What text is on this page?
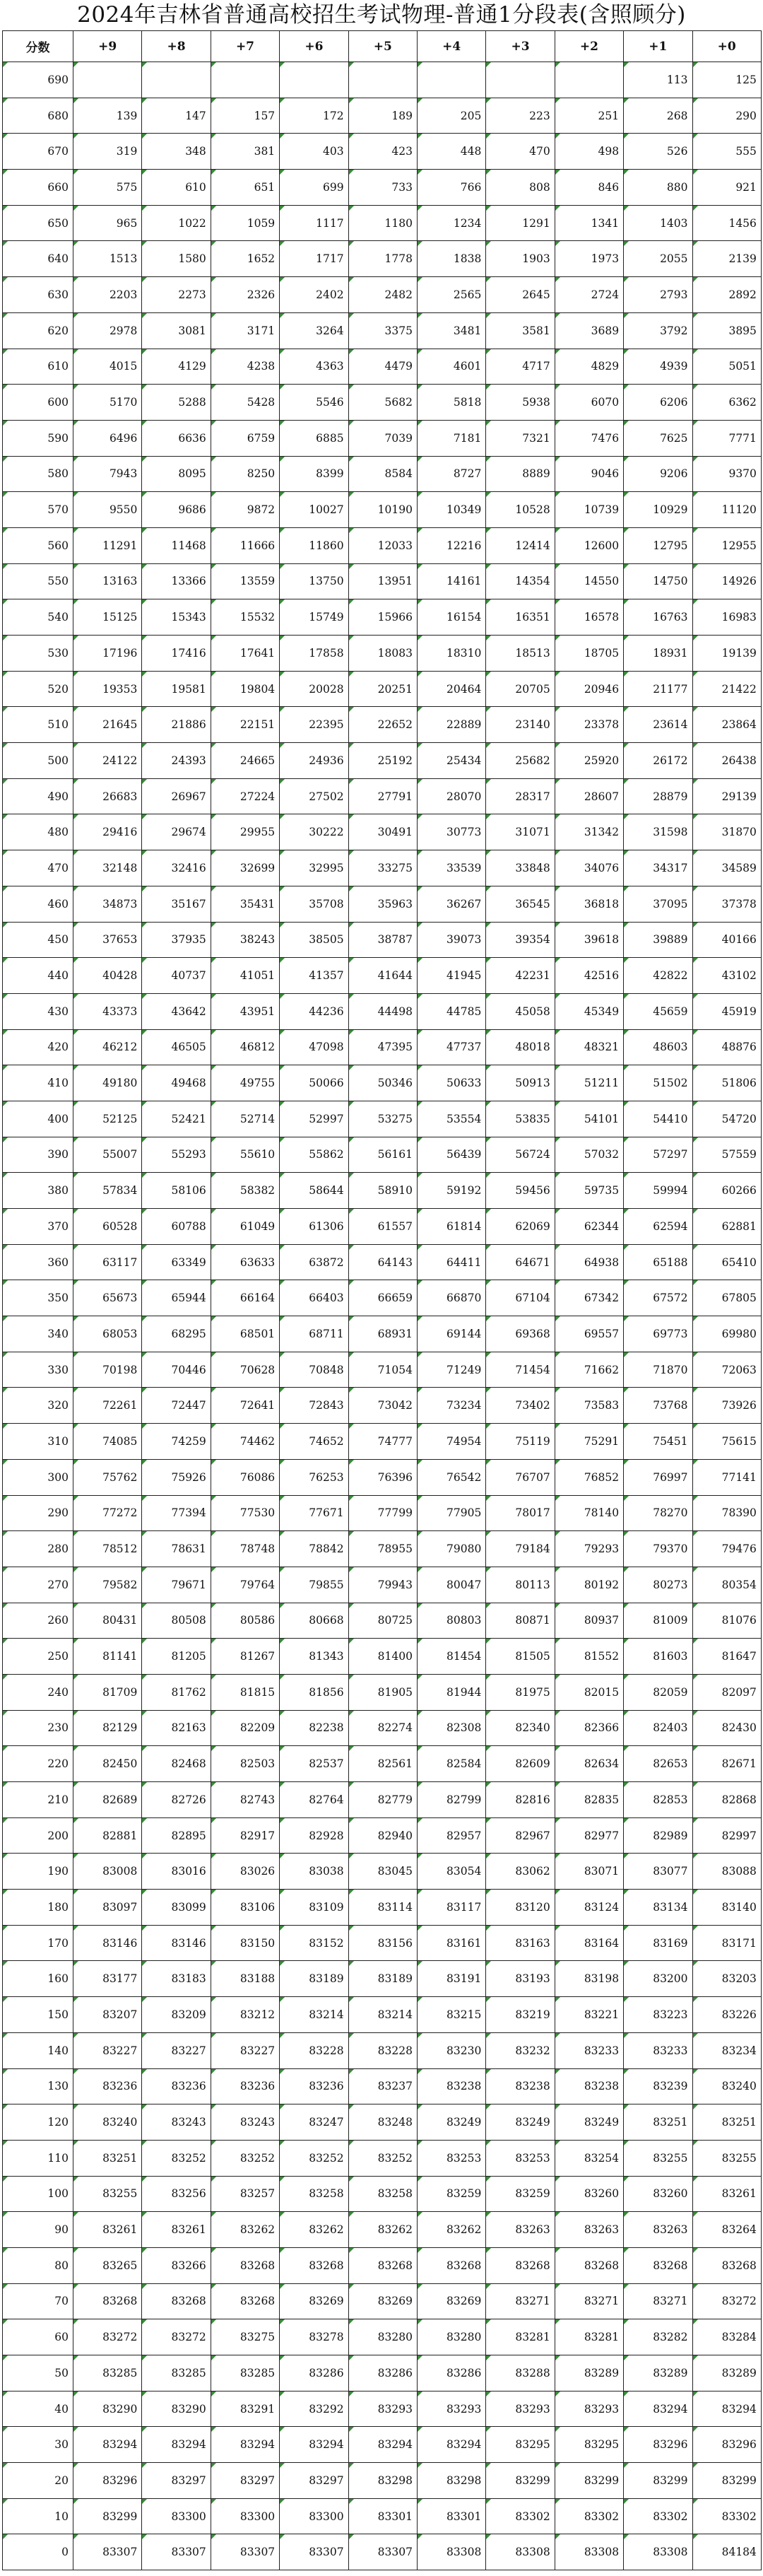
2024年吉林省普通高校招生考试物理-普通1分段表(含照顾分)
分数	+9	+8	+7	+6	+5	+4	+3	+2	+1	+0
690									113	125
680	139	147	157	172	189	205	223	251	268	290
670	319	348	381	403	423	448	470	498	526	555
660	575	610	651	699	733	766	808	846	880	921
650	965	1022	1059	1117	1180	1234	1291	1341	1403	1456
640	1513	1580	1652	1717	1778	1838	1903	1973	2055	2139
630	2203	2273	2326	2402	2482	2565	2645	2724	2793	2892
620	2978	3081	3171	3264	3375	3481	3581	3689	3792	3895
610	4015	4129	4238	4363	4479	4601	4717	4829	4939	5051
600	5170	5288	5428	5546	5682	5818	5938	6070	6206	6362
590	6496	6636	6759	6885	7039	7181	7321	7476	7625	7771
580	7943	8095	8250	8399	8584	8727	8889	9046	9206	9370
570	9550	9686	9872	10027	10190	10349	10528	10739	10929	11120
560	11291	11468	11666	11860	12033	12216	12414	12600	12795	12955
550	13163	13366	13559	13750	13951	14161	14354	14550	14750	14926
540	15125	15343	15532	15749	15966	16154	16351	16578	16763	16983
530	17196	17416	17641	17858	18083	18310	18513	18705	18931	19139
520	19353	19581	19804	20028	20251	20464	20705	20946	21177	21422
510	21645	21886	22151	22395	22652	22889	23140	23378	23614	23864
500	24122	24393	24665	24936	25192	25434	25682	25920	26172	26438
490	26683	26967	27224	27502	27791	28070	28317	28607	28879	29139
480	29416	29674	29955	30222	30491	30773	31071	31342	31598	31870
470	32148	32416	32699	32995	33275	33539	33848	34076	34317	34589
460	34873	35167	35431	35708	35963	36267	36545	36818	37095	37378
450	37653	37935	38243	38505	38787	39073	39354	39618	39889	40166
440	40428	40737	41051	41357	41644	41945	42231	42516	42822	43102
430	43373	43642	43951	44236	44498	44785	45058	45349	45659	45919
420	46212	46505	46812	47098	47395	47737	48018	48321	48603	48876
410	49180	49468	49755	50066	50346	50633	50913	51211	51502	51806
400	52125	52421	52714	52997	53275	53554	53835	54101	54410	54720
390	55007	55293	55610	55862	56161	56439	56724	57032	57297	57559
380	57834	58106	58382	58644	58910	59192	59456	59735	59994	60266
370	60528	60788	61049	61306	61557	61814	62069	62344	62594	62881
360	63117	63349	63633	63872	64143	64411	64671	64938	65188	65410
350	65673	65944	66164	66403	66659	66870	67104	67342	67572	67805
340	68053	68295	68501	68711	68931	69144	69368	69557	69773	69980
330	70198	70446	70628	70848	71054	71249	71454	71662	71870	72063
320	72261	72447	72641	72843	73042	73234	73402	73583	73768	73926
310	74085	74259	74462	74652	74777	74954	75119	75291	75451	75615
300	75762	75926	76086	76253	76396	76542	76707	76852	76997	77141
290	77272	77394	77530	77671	77799	77905	78017	78140	78270	78390
280	78512	78631	78748	78842	78955	79080	79184	79293	79370	79476
270	79582	79671	79764	79855	79943	80047	80113	80192	80273	80354
260	80431	80508	80586	80668	80725	80803	80871	80937	81009	81076
250	81141	81205	81267	81343	81400	81454	81505	81552	81603	81647
240	81709	81762	81815	81856	81905	81944	81975	82015	82059	82097
230	82129	82163	82209	82238	82274	82308	82340	82366	82403	82430
220	82450	82468	82503	82537	82561	82584	82609	82634	82653	82671
210	82689	82726	82743	82764	82779	82799	82816	82835	82853	82868
200	82881	82895	82917	82928	82940	82957	82967	82977	82989	82997
190	83008	83016	83026	83038	83045	83054	83062	83071	83077	83088
180	83097	83099	83106	83109	83114	83117	83120	83124	83134	83140
170	83146	83146	83150	83152	83156	83161	83163	83164	83169	83171
160	83177	83183	83188	83189	83189	83191	83193	83198	83200	83203
150	83207	83209	83212	83214	83214	83215	83219	83221	83223	83226
140	83227	83227	83227	83228	83228	83230	83232	83233	83233	83234
130	83236	83236	83236	83236	83237	83238	83238	83238	83239	83240
120	83240	83243	83243	83247	83248	83249	83249	83249	83251	83251
110	83251	83252	83252	83252	83252	83253	83253	83254	83255	83255
100	83255	83256	83257	83258	83258	83259	83259	83260	83260	83261
90	83261	83261	83262	83262	83262	83262	83263	83263	83263	83264
80	83265	83266	83268	83268	83268	83268	83268	83268	83268	83268
70	83268	83268	83268	83269	83269	83269	83271	83271	83271	83272
60	83272	83272	83275	83278	83280	83280	83281	83281	83282	83284
50	83285	83285	83285	83286	83286	83286	83288	83289	83289	83289
40	83290	83290	83291	83292	83293	83293	83293	83293	83294	83294
30	83294	83294	83294	83294	83294	83294	83295	83295	83296	83296
20	83296	83297	83297	83297	83298	83298	83299	83299	83299	83299
10	83299	83300	83300	83300	83301	83301	83302	83302	83302	83302
0	83307	83307	83307	83307	83307	83308	83308	83308	83308	84184
